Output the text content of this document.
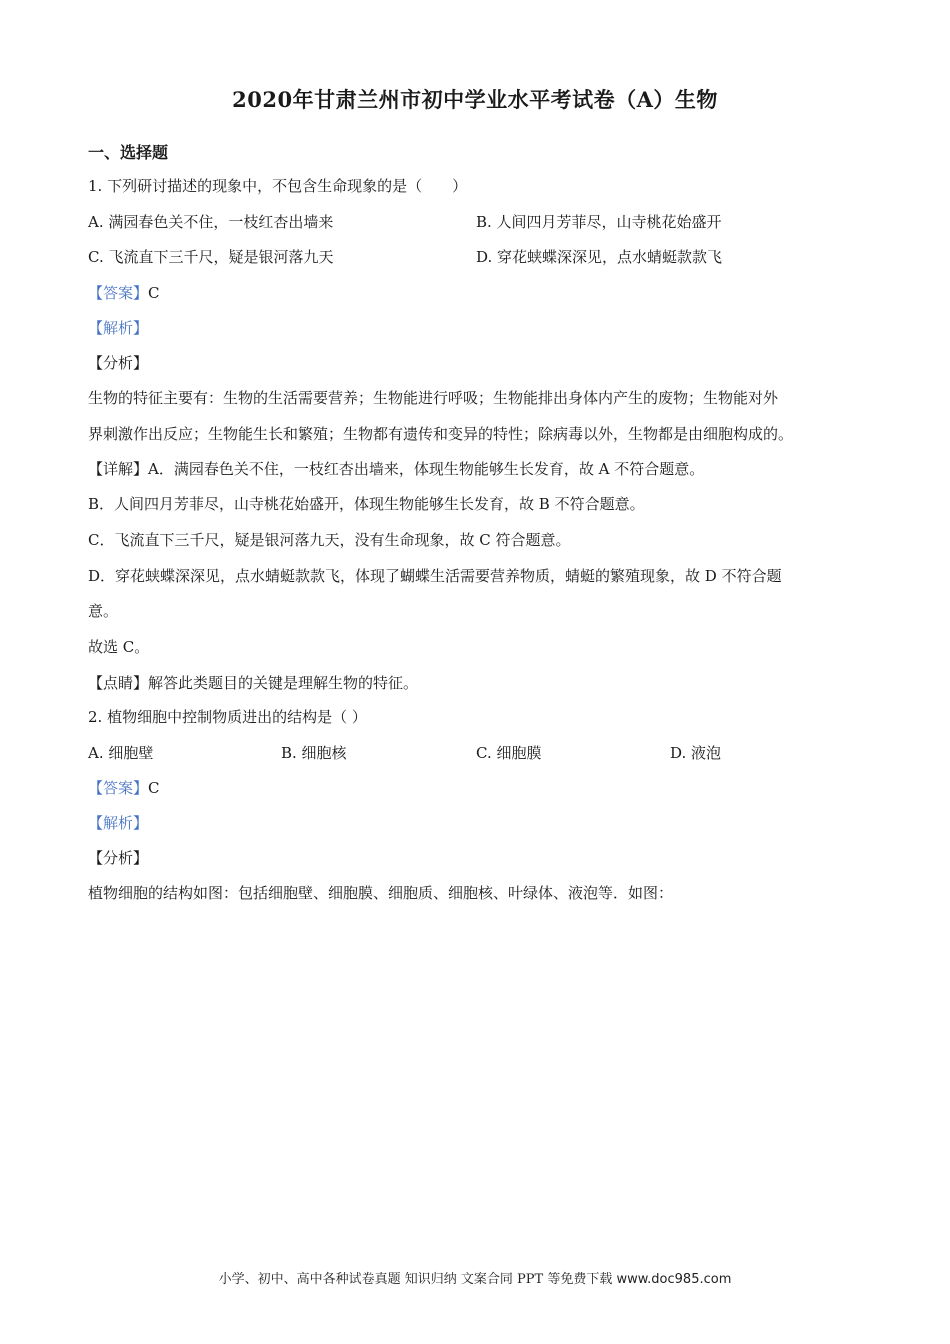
2020年甘肃兰州市初中学业水平考试卷（A）生物
一、选择题
1. 下列研讨描述的现象中，不包含生命现象的是（　　）
A. 满园春色关不住，一枝红杏出墙来	B. 人间四月芳菲尽，山寺桃花始盛开
C. 飞流直下三千尺，疑是银河落九天	D. 穿花蛱蝶深深见，点水蜻蜓款款飞
【答案】C
【解析】
【分析】
生物的特征主要有：生物的生活需要营养；生物能进行呼吸；生物能排出身体内产生的废物；生物能对外
界刺激作出反应；生物能生长和繁殖；生物都有遗传和变异的特性；除病毒以外，生物都是由细胞构成的。
【详解】A．满园春色关不住，一枝红杏出墙来，体现生物能够生长发育，故 A 不符合题意。
B．人间四月芳菲尽，山寺桃花始盛开，体现生物能够生长发育，故 B 不符合题意。
C．飞流直下三千尺，疑是银河落九天，没有生命现象，故 C 符合题意。
D．穿花蛱蝶深深见，点水蜻蜓款款飞，体现了蝴蝶生活需要营养物质，蜻蜓的繁殖现象，故 D 不符合题
意。
故选 C。
【点睛】解答此类题目的关键是理解生物的特征。
2. 植物细胞中控制物质进出的结构是（ ）
A. 细胞壁	B. 细胞核	C. 细胞膜	D. 液泡
【答案】C
【解析】
【分析】
植物细胞的结构如图：包括细胞壁、细胞膜、细胞质、细胞核、叶绿体、液泡等．如图：
小学、初中、高中各种试卷真题 知识归纳 文案合同 PPT 等免费下载 www.doc985.com
